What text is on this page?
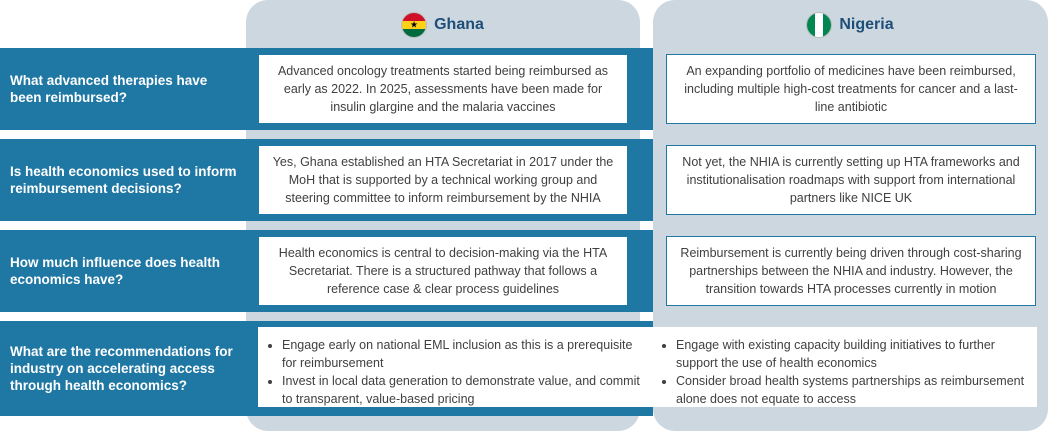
★ Ghana	Nigeria
What advanced therapies have been reimbursed?
Is health economics used to inform reimbursement decisions?
How much influence does health economics have?
What are the recommendations for industry on accelerating access through health economics?
Advanced oncology treatments started being reimbursed as early as 2022. In 2025, assessments have been made for insulin glargine and the malaria vaccines
Yes, Ghana established an HTA Secretariat in 2017 under the MoH that is supported by a technical working group and steering committee to inform reimbursement by the NHIA
Health economics is central to decision-making via the HTA Secretariat. There is a structured pathway that follows a reference case & clear process guidelines
An expanding portfolio of medicines have been reimbursed, including multiple high-cost treatments for cancer and a last-line antibiotic
Not yet, the NHIA is currently setting up HTA frameworks and institutionalisation roadmaps with support from international partners like NICE UK
Reimbursement is currently being driven through cost-sharing partnerships between the NHIA and industry. However, the transition towards HTA processes currently in motion
• Engage early on national EML inclusion as this is a prerequisite for reimbursement
• Invest in local data generation to demonstrate value, and commit to transparent, value-based pricing
• Engage with existing capacity building initiatives to further support the use of health economics
• Consider broad health systems partnerships as reimbursement alone does not equate to access
